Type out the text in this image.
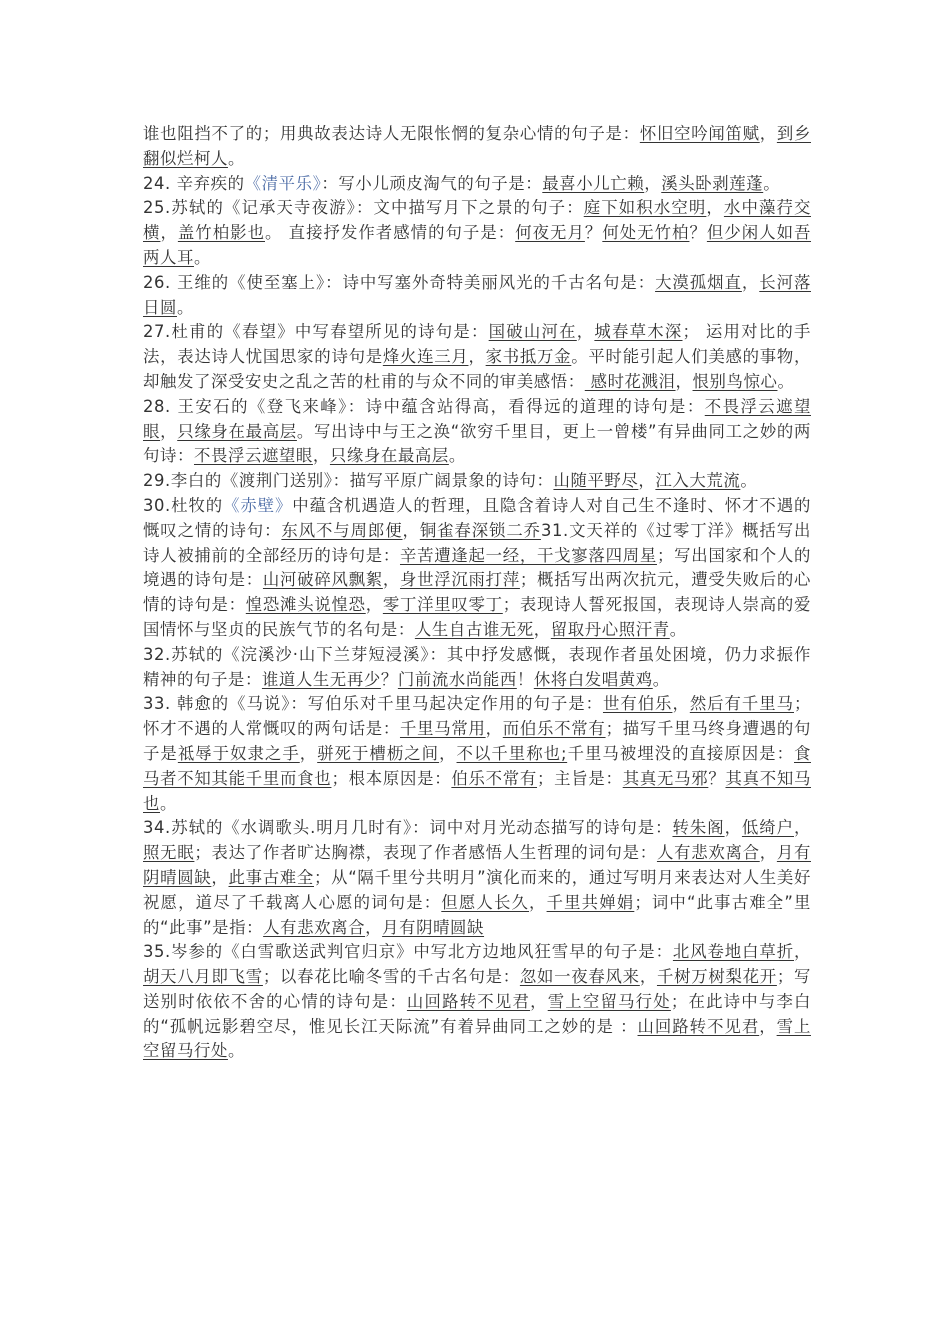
谁也阻挡不了的；用典故表达诗人无限怅惘的复杂心情的句子是：怀旧空吟闻笛赋，到乡翻似烂柯人。

24. 辛弃疾的《清平乐》：写小儿顽皮淘气的句子是：最喜小儿亡赖，溪头卧剥莲蓬。

25.苏轼的《记承天寺夜游》：文中描写月下之景的句子：庭下如积水空明，水中藻荇交横，盖竹柏影也。 直接抒发作者感情的句子是：何夜无月？何处无竹柏？但少闲人如吾两人耳。

26. 王维的《使至塞上》：诗中写塞外奇特美丽风光的千古名句是：大漠孤烟直，长河落日圆。

27.杜甫的《春望》中写春望所见的诗句是：国破山河在，城春草木深； 运用对比的手法，表达诗人忧国思家的诗句是烽火连三月，家书抵万金。平时能引起人们美感的事物，却触发了深受安史之乱之苦的杜甫的与众不同的审美感悟： 感时花溅泪，恨别鸟惊心。

28. 王安石的《登飞来峰》：诗中蕴含站得高，看得远的道理的诗句是：不畏浮云遮望眼，只缘身在最高层。写出诗中与王之涣“欲穷千里目，更上一曾楼”有异曲同工之妙的两句诗：不畏浮云遮望眼，只缘身在最高层。

29.李白的《渡荆门送别》：描写平原广阔景象的诗句：山随平野尽，江入大荒流。

30.杜牧的《赤壁》中蕴含机遇造人的哲理，且隐含着诗人对自己生不逢时、怀才不遇的慨叹之情的诗句：东风不与周郎便，铜雀春深锁二乔31.文天祥的《过零丁洋》概括写出诗人被捕前的全部经历的诗句是：辛苦遭逢起一经，干戈寥落四周星；写出国家和个人的境遇的诗句是：山河破碎风飘絮，身世浮沉雨打萍；概括写出两次抗元，遭受失败后的心情的诗句是：惶恐滩头说惶恐，零丁洋里叹零丁；表现诗人誓死报国，表现诗人崇高的爱国情怀与坚贞的民族气节的名句是：人生自古谁无死，留取丹心照汗青。

32.苏轼的《浣溪沙·山下兰芽短浸溪》：其中抒发感慨，表现作者虽处困境，仍力求振作精神的句子是：谁道人生无再少？门前流水尚能西！休将白发唱黄鸡。

33. 韩愈的《马说》：写伯乐对千里马起决定作用的句子是：世有伯乐，然后有千里马；怀才不遇的人常慨叹的两句话是：千里马常用，而伯乐不常有；描写千里马终身遭遇的句子是祗辱于奴隶之手，骈死于槽枥之间，不以千里称也;千里马被埋没的直接原因是：食马者不知其能千里而食也；根本原因是：伯乐不常有；主旨是：其真无马邪？其真不知马也。

34.苏轼的《水调歌头.明月几时有》：词中对月光动态描写的诗句是：转朱阁，低绮户，照无眠；表达了作者旷达胸襟，表现了作者感悟人生哲理的词句是：人有悲欢离合，月有阴晴圆缺，此事古难全；从“隔千里兮共明月”演化而来的，通过写明月来表达对人生美好祝愿，道尽了千载离人心愿的词句是：但愿人长久，千里共婵娟；词中“此事古难全”里的“此事”是指：人有悲欢离合，月有阴晴圆缺

35.岑参的《白雪歌送武判官归京》中写北方边地风狂雪早的句子是：北风卷地白草折，胡天八月即飞雪；以春花比喻冬雪的千古名句是：忽如一夜春风来，千树万树梨花开；写送别时依依不舍的心情的诗句是：山回路转不见君，雪上空留马行处；在此诗中与李白的“孤帆远影碧空尽，惟见长江天际流”有着异曲同工之妙的是 ：山回路转不见君，雪上空留马行处。
